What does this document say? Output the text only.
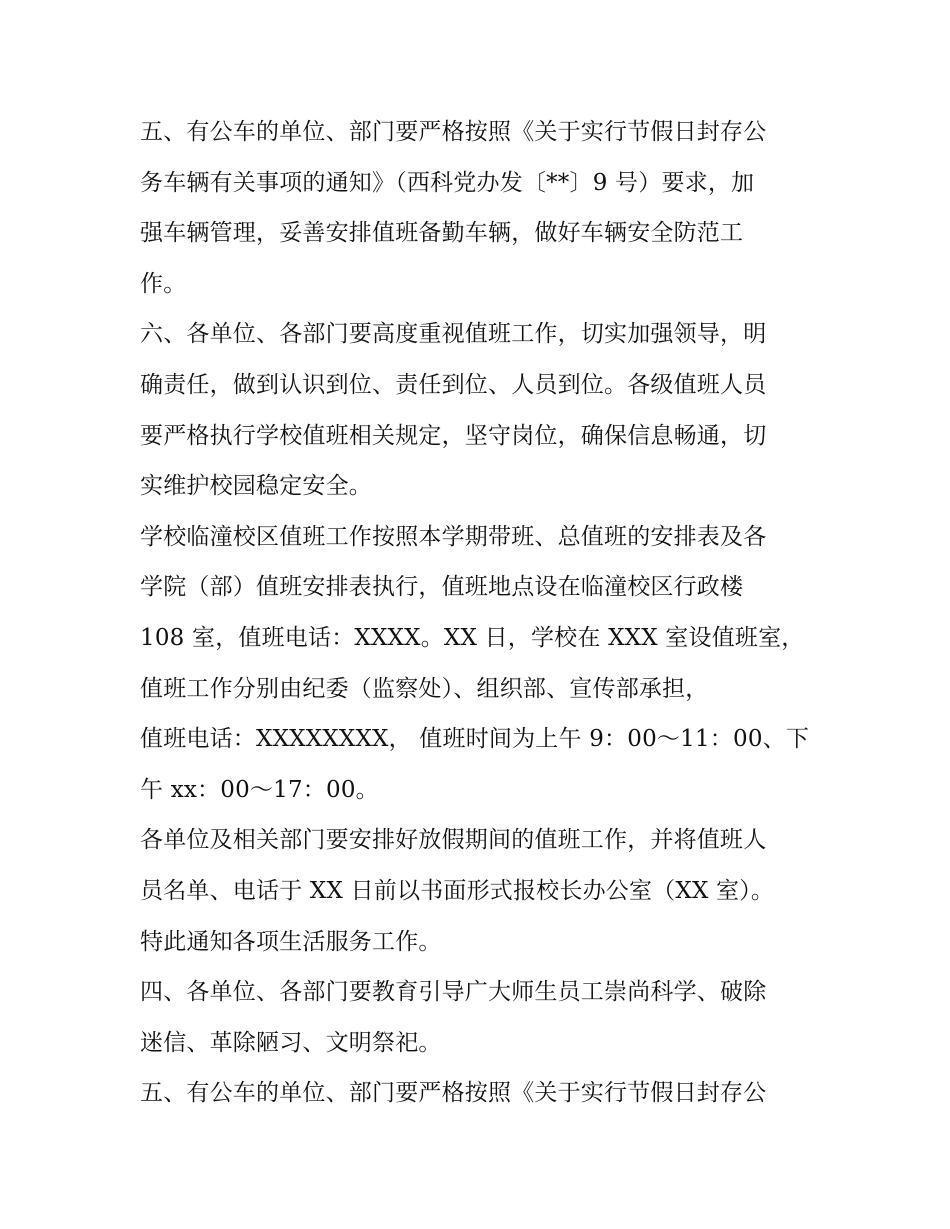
五、有公车的单位、部门要严格按照《关于实行节假日封存公
务车辆有关事项的通知》（西科党办发〔**〕9 号）要求，加
强车辆管理，妥善安排值班备勤车辆，做好车辆安全防范工
作。
六、各单位、各部门要高度重视值班工作，切实加强领导，明
确责任，做到认识到位、责任到位、人员到位。各级值班人员
要严格执行学校值班相关规定，坚守岗位，确保信息畅通，切
实维护校园稳定安全。
学校临潼校区值班工作按照本学期带班、总值班的安排表及各
学院（部）值班安排表执行，值班地点设在临潼校区行政楼
108 室，值班电话：XXXX。XX 日，学校在 XXX 室设值班室，
值班工作分别由纪委（监察处）、组织部、宣传部承担，
值班电话：XXXXXXXX， 值班时间为上午 9：00～11：00、下
午 xx：00～17：00。
各单位及相关部门要安排好放假期间的值班工作，并将值班人
员名单、电话于 XX 日前以书面形式报校长办公室（XX 室）。
特此通知各项生活服务工作。
四、各单位、各部门要教育引导广大师生员工崇尚科学、破除
迷信、革除陋习、文明祭祀。
五、有公车的单位、部门要严格按照《关于实行节假日封存公
